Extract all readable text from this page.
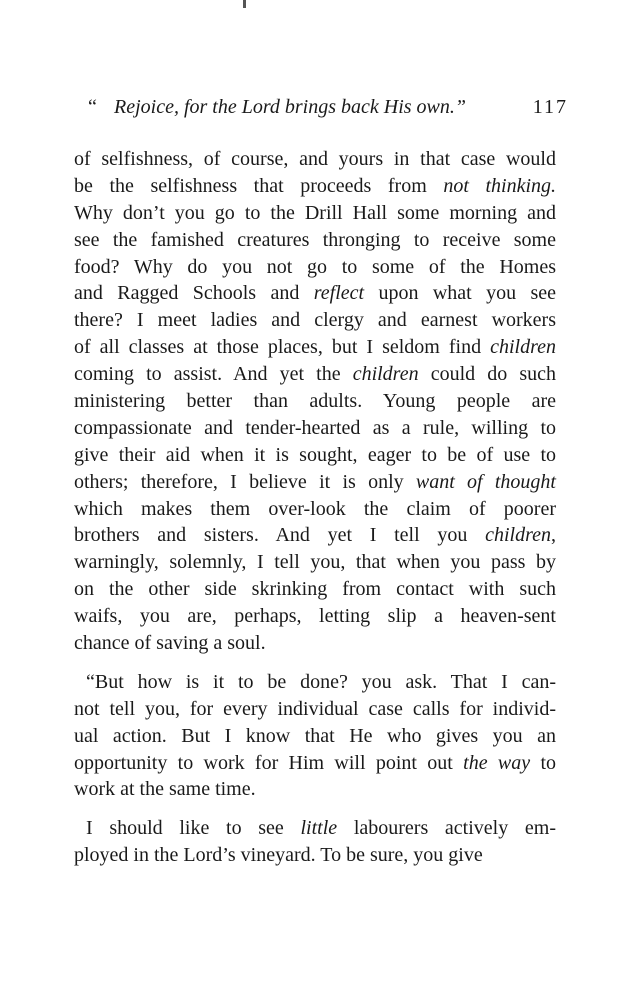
“ Rejoice, for the Lord brings back His own.”	117
of selfishness, of course, and yours in that case would
be the selfishness that proceeds from not thinking.
Why don’t you go to the Drill Hall some morning and
see the famished creatures thronging to receive some
food? Why do you not go to some of the Homes
and Ragged Schools and reflect upon what you see
there? I meet ladies and clergy and earnest workers
of all classes at those places, but I seldom find children
coming to assist. And yet the children could do such
ministering better than adults. Young people are
compassionate and tender-hearted as a rule, willing to
give their aid when it is sought, eager to be of use to
others; therefore, I believe it is only want of thought
which makes them over-look the claim of poorer
brothers and sisters. And yet I tell you children,
warningly, solemnly, I tell you, that when you pass by
on the other side skrinking from contact with such
waifs, you are, perhaps, letting slip a heaven-sent
chance of saving a soul.
“But how is it to be done? you ask. That I can-
not tell you, for every individual case calls for individ-
ual action. But I know that He who gives you an
opportunity to work for Him will point out the way to
work at the same time.
I should like to see little labourers actively em-
ployed in the Lord’s vineyard. To be sure, you give
